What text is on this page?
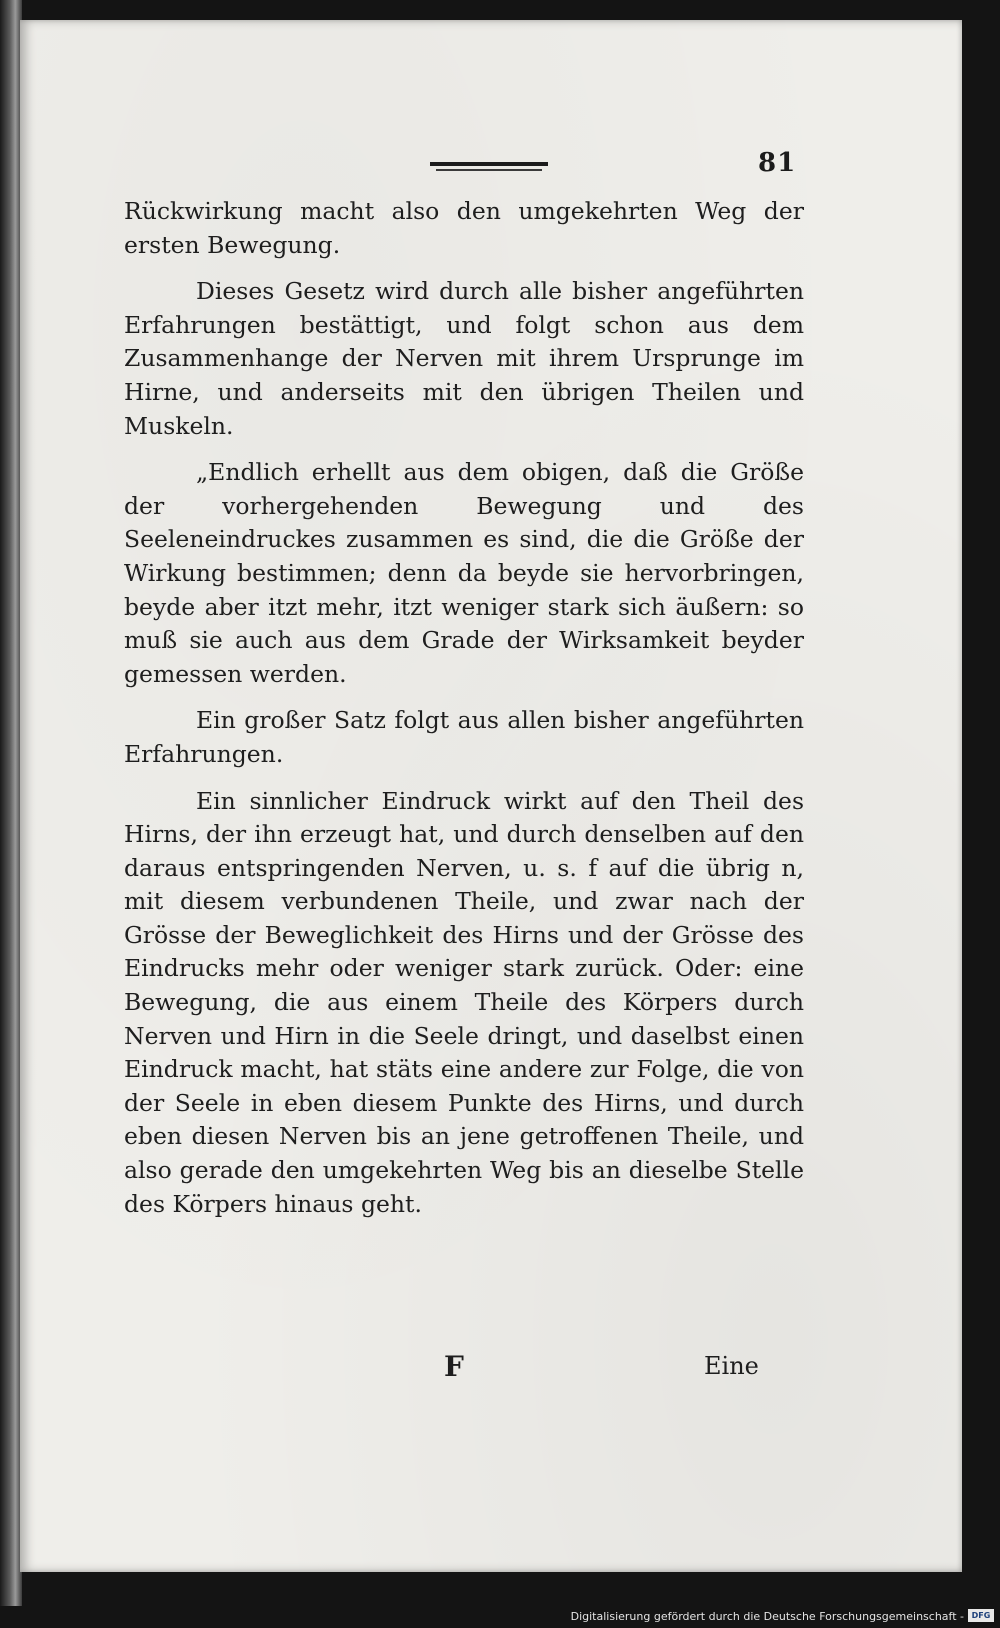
81

Rückwirkung macht also den umgekehrten Weg der ersten Bewegung.

Dieses Gesetz wird durch alle bisher angeführten Erfahrungen bestättigt, und folgt schon aus dem Zusammenhange der Nerven mit ihrem Ursprunge im Hirne, und anderseits mit den übrigen Theilen und Muskeln.

„Endlich erhellt aus dem obigen, daß die Größe der vorhergehenden Bewegung und des Seeleneindruckes zusammen es sind, die die Größe der Wirkung bestimmen; denn da beyde sie hervorbringen, beyde aber itzt mehr, itzt weniger stark sich äußern: so muß sie auch aus dem Grade der Wirksamkeit beyder gemessen werden.

Ein großer Satz folgt aus allen bisher angeführten Erfahrungen.

Ein sinnlicher Eindruck wirkt auf den Theil des Hirns, der ihn erzeugt hat, und durch denselben auf den daraus entspringenden Nerven, u. s. f auf die übrig n, mit diesem verbundenen Theile, und zwar nach der Grösse der Beweglichkeit des Hirns und der Grösse des Eindrucks mehr oder weniger stark zurück. Oder: eine Bewegung, die aus einem Theile des Körpers durch Nerven und Hirn in die Seele dringt, und daselbst einen Eindruck macht, hat stäts eine andere zur Folge, die von der Seele in eben diesem Punkte des Hirns, und durch eben diesen Nerven bis an jene getroffenen Theile, und also gerade den umgekehrten Weg bis an dieselbe Stelle des Körpers hinaus geht.

F	Eine
Digitalisierung gefördert durch die Deutsche Forschungsgemeinschaft - DFG
